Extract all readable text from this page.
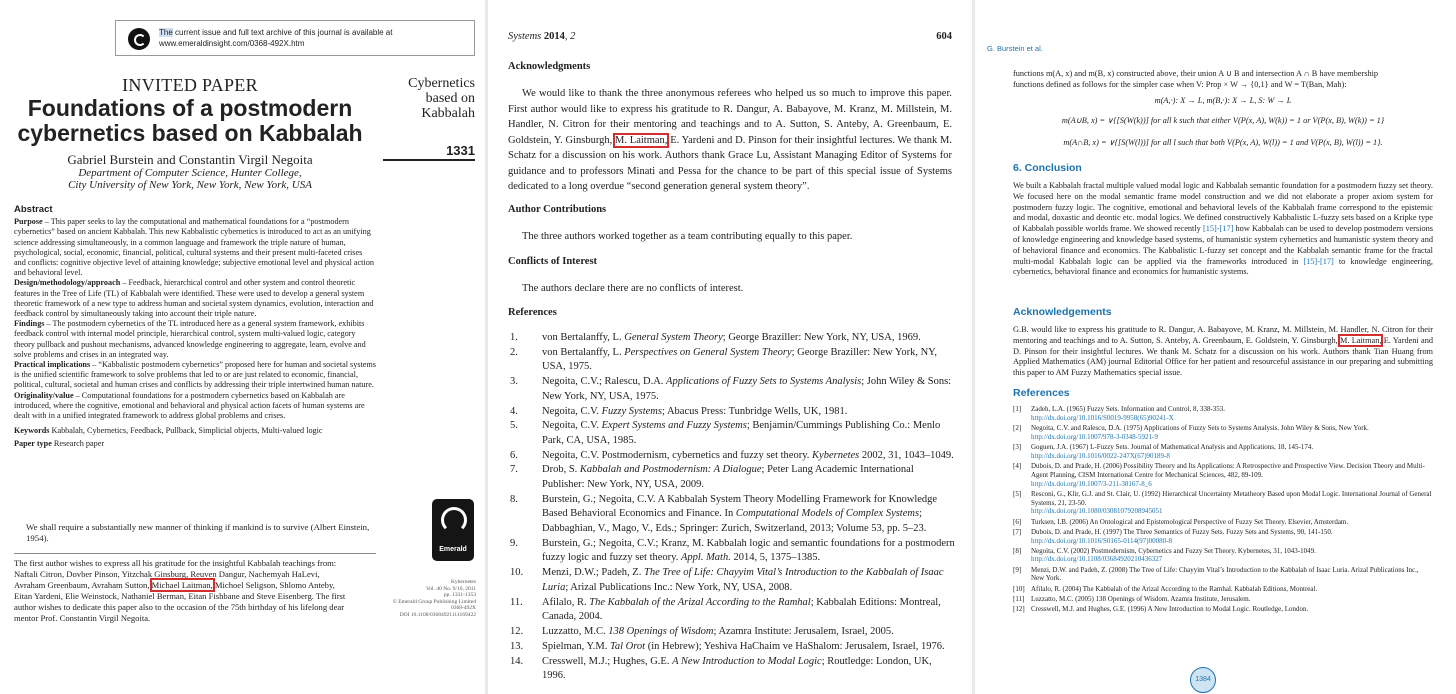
The current issue and full text archive of this journal is available at
www.emeraldinsight.com/0368-492X.htm
INVITED PAPER
Foundations of a postmodern
cybernetics based on Kabbalah
Gabriel Burstein and Constantin Virgil Negoita
Department of Computer Science, Hunter College,
City University of New York, New York, New York, USA
Cybernetics
based on
Kabbalah
1331
Abstract
Purpose – This paper seeks to lay the computational and mathematical foundations for a “postmodern cybernetics” based on ancient Kabbalah. This new Kabbalistic cybernetics is introduced to act as an unifying science addressing simultaneously, in a common language and framework the triple nature of human, psychological, social, economic, financial, political, cultural systems and their present multi-faceted crises and conflicts: cognitive objective level of attaining knowledge; subjective emotional level and physical action and behavioral level.
Design/methodology/approach – Feedback, hierarchical control and other system and control theoretic features in the Tree of Life (TL) of Kabbalah were identified. These were used to develop a general system theoretic framework of a new type to address human and societal system dynamics, evolution, interaction and feedback control by simultaneously taking into account their triple nature.
Findings – The postmodern cybernetics of the TL introduced here as a general system framework, exhibits feedback control with internal model principle, hierarchical control, system multi-valued logic, category theory pullback and pushout mechanisms, advanced knowledge engineering to aggregate, learn, evolve and solve problems and crises in an integrated way.
Practical implications – “Kabbalistic postmodern cybernetics” proposed here for human and societal systems is the unified scientific framework to solve problems that led to or are just related to economic, financial, political, cultural, societal and human crises and conflicts by addressing their triple intertwined human nature.
Originality/value – Computational foundations for a postmodern cybernetics based on Kabbalah are introduced, where the cognitive, emotional and behavioral and physical action facets of human systems are dealt with in a unified integrated framework to address global problems and crises.
Keywords Kabbalah, Cybernetics, Feedback, Pullback, Simplicial objects, Multi-valued logic
Paper type Research paper
Emerald
We shall require a substantially new manner of thinking if mankind is to survive (Albert Einstein, 1954).
The first author wishes to express all his gratitude for the insightful Kabbalah teachings from:
Naftali Citron, Dovber Pinson, Yitzchak Ginsburg, Reuven Dangur, Nachemyah HaLevi,
Avraham Greenbaum, Avraham Sutton, Michael Laitman, Michoel Seligson, Shlomo Anteby,
Eitan Yardeni, Elie Weinstock, Nathaniel Berman, Eitan Fishbane and Steve Eisenberg. The first
author wishes to dedicate this paper also to the occasion of the 75th birthday of his lifelong dear
mentor Prof. Constantin Virgil Negoita.
Kybernetes
Vol. 40 No. 9/10, 2011
pp. 1331-1353
© Emerald Group Publishing Limited
0368-492X
DOI 10.1108/03684921111169422
Systems 2014, 2	604
Acknowledgments
We would like to thank the three anonymous referees who helped us so much to improve this paper. First author would like to express his gratitude to R. Dangur, A. Babayove, M. Kranz, M. Millstein, M. Handler, N. Citron for their mentoring and teachings and to A. Sutton, S. Anteby, A. Greenbaum, E. Goldstein, Y. Ginsburgh, M. Laitman, E. Yardeni and D. Pinson for their insightful lectures. We thank M. Schatz for a discussion on his work. Authors thank Grace Lu, Assistant Managing Editor of Systems for guidance and to professors Minati and Pessa for the chance to be part of this special issue of Systems dedicated to a long overdue “second generation general system theory”.
Author Contributions
The three authors worked together as a team contributing equally to this paper.
Conflicts of Interest
The authors declare there are no conflicts of interest.
References
1. von Bertalanffy, L. General System Theory; George Braziller: New York, NY, USA, 1969.
2. von Bertalanffy, L. Perspectives on General System Theory; George Braziller: New York, NY, USA, 1975.
3. Negoita, C.V.; Ralescu, D.A. Applications of Fuzzy Sets to Systems Analysis; John Wiley & Sons: New York, NY, USA, 1975.
4. Negoita, C.V. Fuzzy Systems; Abacus Press: Tunbridge Wells, UK, 1981.
5. Negoita, C.V. Expert Systems and Fuzzy Systems; Benjamin/Cummings Publishing Co.: Menlo Park, CA, USA, 1985.
6. Negoita, C.V. Postmodernism, cybernetics and fuzzy set theory. Kybernetes 2002, 31, 1043–1049.
7. Drob, S. Kabbalah and Postmodernism: A Dialogue; Peter Lang Academic International Publisher: New York, NY, USA, 2009.
8. Burstein, G.; Negoita, C.V. A Kabbalah System Theory Modelling Framework for Knowledge Based Behavioral Economics and Finance. In Computational Models of Complex Systems; Dabbaghian, V., Mago, V., Eds.; Springer: Zurich, Switzerland, 2013; Volume 53, pp. 5–23.
9. Burstein, G.; Negoita, C.V.; Kranz, M. Kabbalah logic and semantic foundations for a postmodern fuzzy logic and fuzzy set theory. Appl. Math. 2014, 5, 1375–1385.
10. Menzi, D.W.; Padeh, Z. The Tree of Life: Chayyim Vital’s Introduction to the Kabbalah of Isaac Luria; Arizal Publications Inc.: New York, NY, USA, 2008.
11. Afilalo, R. The Kabbalah of the Arizal According to the Ramhal; Kabbalah Editions: Montreal, Canada, 2004.
12. Luzzatto, M.C. 138 Openings of Wisdom; Azamra Institute: Jerusalem, Israel, 2005.
13. Spielman, Y.M. Tal Orot (in Hebrew); Yeshiva HaChaim ve HaShalom: Jerusalem, Israel, 1976.
14. Cresswell, M.J.; Hughes, G.E. A New Introduction to Modal Logic; Routledge: London, UK, 1996.
G. Burstein et al.
functions m(A, x) and m(B, x) constructed above, their union A ∪ B and intersection A ∩ B have membership
functions defined as follows for the simpler case when V: Prop × W → {0,1} and W = T(Ban, Mah):
m(A,·): X → L, m(B,·): X → L, S: W → L
m(A∪B, x) = ∨{[S(W(k))] for all k such that either V(P(x, A), W(k)) = 1 or V(P(x, B), W(k)) = 1}
m(A∩B, x) = ∨{[S(W(l))] for all l such that both V(P(x, A), W(l)) = 1 and V(P(x, B), W(l)) = 1}.
6. Conclusion
We built a Kabbalah fractal multiple valued modal logic and Kabbalah semantic foundation for a postmodern fuzzy set theory. We focused here on the modal semantic frame model construction and we did not elaborate a proper axiom system for postmodern fuzzy logic. The cognitive, emotional and behavioral levels of the Kabbalah frame correspond to the epistemic and modal, doxastic and deontic etc. modal logics. We defined constructively Kabbalistic L-fuzzy sets based on a Kripke type of Kabbalah possible worlds frame. We showed recently [15]-[17] how Kabbalah can be used to develop postmodern versions of knowledge engineering and knowledge based systems, of humanistic system cybernetics and humanistic system theory and of behavioral finance and economics. The Kabbalistic L-fuzzy set concept and the Kabbalah semantic frame for the fractal multi-modal Kabbalah logic can be applied via the frameworks introduced in [15]-[17] to knowledge engineering, cybernetics, behavioral finance and economics for humanistic systems.
Acknowledgements
G.B. would like to express his gratitude to R. Dangur, A. Babayove, M. Kranz, M. Millstein, M. Handler, N. Citron for their mentoring and teachings and to A. Sutton, S. Anteby, A. Greenbaum, E. Goldstein, Y. Ginsburgh, M. Laitman, E. Yardeni and D. Pinson for their insightful lectures. We thank M. Schatz for a discussion on his work. Authors thank Tian Huang from Applied Mathematics (AM) journal Editorial Office for her patient and resourceful assistance in our preparing and submitting this paper to AM Fuzzy Mathematics special issue.
References
[1] Zadeh, L.A. (1965) Fuzzy Sets. Information and Control, 8, 338-353.
http://dx.doi.org/10.1016/S0019-9958(65)90241-X
[2] Negoita, C.V. and Ralescu, D.A. (1975) Applications of Fuzzy Sets to Systems Analysis. John Wiley & Sons, New York.
http://dx.doi.org/10.1007/978-3-0348-5921-9
[3] Goguen, J.A. (1967) L-Fuzzy Sets. Journal of Mathematical Analysis and Applications, 18, 145-174.
http://dx.doi.org/10.1016/0022-247X(67)90189-8
[4] Dubois, D. and Prade, H. (2006) Possibility Theory and Its Applications: A Retrospective and Prospective View. Decision Theory and Multi-Agent Planning, CISM International Centre for Mechanical Sciences, 482, 89-109.
http://dx.doi.org/10.1007/3-211-38167-8_6
[5] Resconi, G., Klir, G.J. and St. Clair, U. (1992) Hierarchical Uncertainty Metatheory Based upon Modal Logic. International Journal of General Systems, 21, 23-50.
http://dx.doi.org/10.1080/03081079208945051
[6] Turksen, I.B. (2006) An Ontological and Epistemological Perspective of Fuzzy Set Theory. Elsevier, Amsterdam.
[7] Dubois, D. and Prade, H. (1997) The Three Semantics of Fuzzy Sets. Fuzzy Sets and Systems, 90, 141-150.
http://dx.doi.org/10.1016/S0165-0114(97)00080-8
[8] Negoita, C.V. (2002) Postmodernism, Cybernetics and Fuzzy Set Theory. Kybernetes, 31, 1043-1049.
http://dx.doi.org/10.1108/03684920210436327
[9] Menzi, D.W. and Padeh, Z. (2008) The Tree of Life: Chayyim Vital’s Introduction to the Kabbalah of Isaac Luria. Arizal Publications Inc., New York.
[10] Afilalo, R. (2004) The Kabbalah of the Arizal According to the Ramhal. Kabbalah Editions, Montreal.
[11] Luzzatto, M.C. (2005) 138 Openings of Wisdom. Azamra Institute, Jerusalem.
[12] Cresswell, M.J. and Hughes, G.E. (1996) A New Introduction to Modal Logic. Routledge, London.
1384
